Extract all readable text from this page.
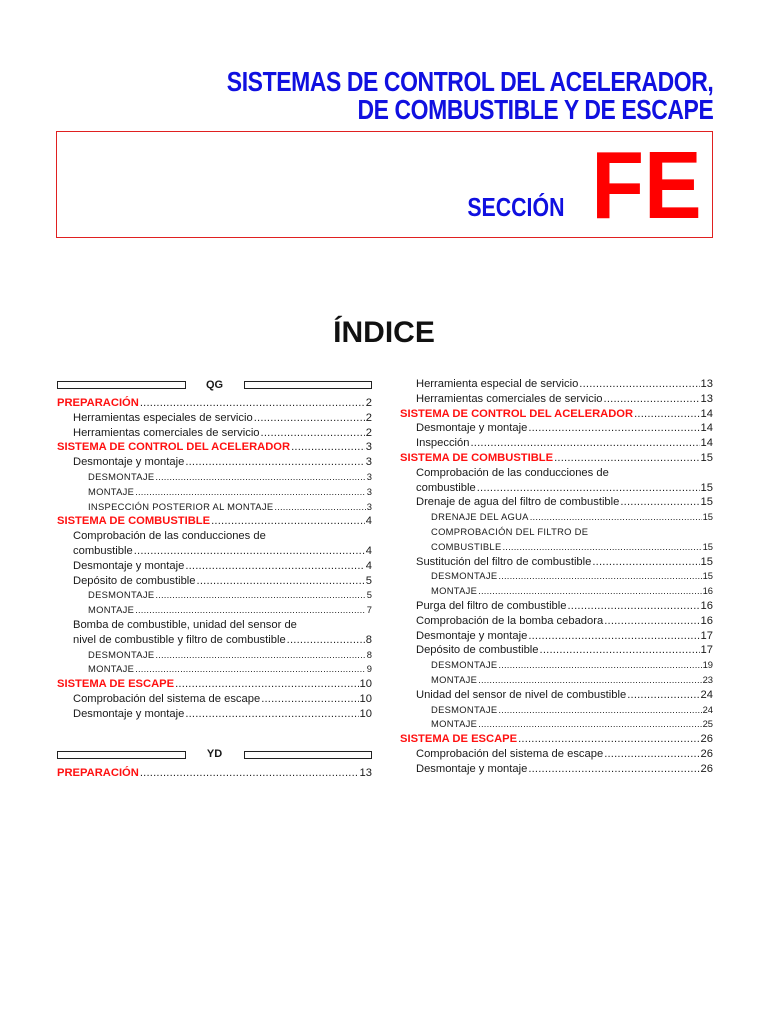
SISTEMAS DE CONTROL DEL ACELERADOR,
DE COMBUSTIBLE Y DE ESCAPE
SECCIÓN FE
ÍNDICE
QG
PREPARACIÓN .....	2
Herramientas especiales de servicio .....	2
Herramientas comerciales de servicio .....	2
SISTEMA DE CONTROL DEL ACELERADOR .....	3
Desmontaje y montaje .....	3
DESMONTAJE .....	3
MONTAJE .....	3
INSPECCIÓN POSTERIOR AL MONTAJE .....	3
SISTEMA DE COMBUSTIBLE .....	4
Comprobación de las conducciones de
combustible .....	4
Desmontaje y montaje .....	4
Depósito de combustible .....	5
DESMONTAJE .....	5
MONTAJE .....	7
Bomba de combustible, unidad del sensor de
nivel de combustible y filtro de combustible .....	8
DESMONTAJE .....	8
MONTAJE .....	9
SISTEMA DE ESCAPE .....	10
Comprobación del sistema de escape .....	10
Desmontaje y montaje .....	10
YD
PREPARACIÓN .....	13
Herramienta especial de servicio .....	13
Herramientas comerciales de servicio .....	13
SISTEMA DE CONTROL DEL ACELERADOR .....	14
Desmontaje y montaje .....	14
Inspección .....	14
SISTEMA DE COMBUSTIBLE .....	15
Comprobación de las conducciones de
combustible .....	15
Drenaje de agua del filtro de combustible .....	15
DRENAJE DEL AGUA .....	15
COMPROBACIÓN DEL FILTRO DE
COMBUSTIBLE .....	15
Sustitución del filtro de combustible .....	15
DESMONTAJE .....	15
MONTAJE .....	16
Purga del filtro de combustible .....	16
Comprobación de la bomba cebadora .....	16
Desmontaje y montaje .....	17
Depósito de combustible .....	17
DESMONTAJE .....	19
MONTAJE .....	23
Unidad del sensor de nivel de combustible .....	24
DESMONTAJE .....	24
MONTAJE .....	25
SISTEMA DE ESCAPE .....	26
Comprobación del sistema de escape .....	26
Desmontaje y montaje .....	26
